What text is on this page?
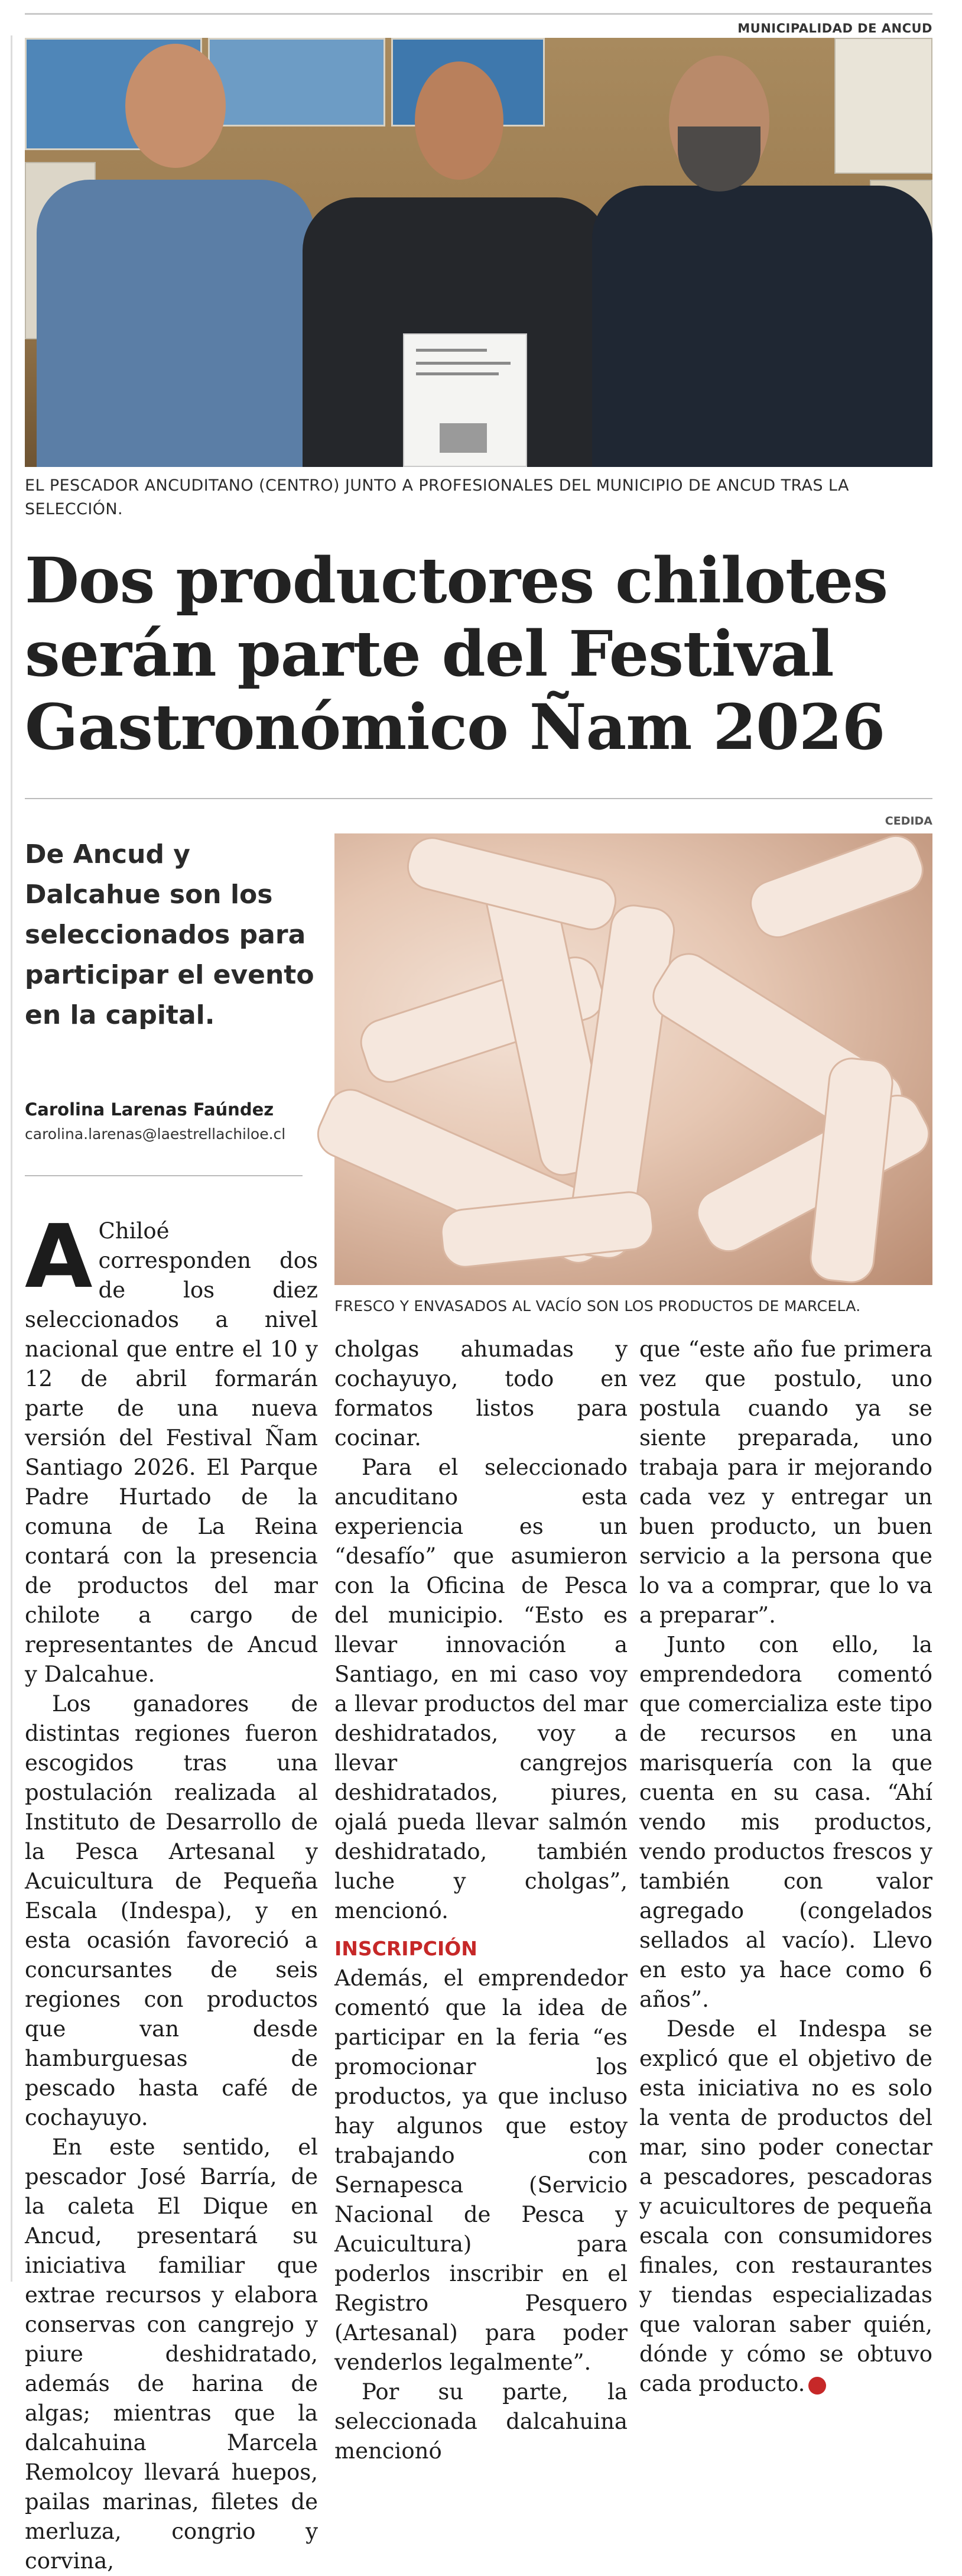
MUNICIPALIDAD DE ANCUD
EL PESCADOR ANCUDITANO (CENTRO) JUNTO A PROFESIONALES DEL MUNICIPIO DE ANCUD TRAS LA SELECCIÓN.
Dos productores chilotes serán parte del Festival Gastronómico Ñam 2026
De Ancud y Dalcahue son los seleccionados para participar el evento en la capital.
Carolina Larenas Faúndez
carolina.larenas@laestrellachiloe.cl
CEDIDA
FRESCO Y ENVASADOS AL VACÍO SON LOS PRODUCTOS DE MARCELA.

A Chiloé corresponden dos de los diez seleccionados a nivel nacional que entre el 10 y 12 de abril formarán parte de una nueva versión del Festival Ñam Santiago 2026. El Parque Padre Hurtado de la comuna de La Reina contará con la presencia de productos del mar chilote a cargo de representantes de Ancud y Dalcahue.

Los ganadores de distintas regiones fueron escogidos tras una postulación realizada al Instituto de Desarrollo de la Pesca Artesanal y Acuicultura de Pequeña Escala (Indespa), y en esta ocasión favoreció a concursantes de seis regiones con productos que van desde hamburguesas de pescado hasta café de cochayuyo.

En este sentido, el pescador José Barría, de la caleta El Dique en Ancud, presentará su iniciativa familiar que extrae recursos y elabora conservas con cangrejo y piure deshidratado, además de harina de algas; mientras que la dalcahuina Marcela Remolcoy llevará huepos, pailas marinas, filetes de merluza, congrio y corvina,

cholgas ahumadas y cochayuyo, todo en formatos listos para cocinar.

Para el seleccionado ancuditano esta experiencia es un “desafío” que asumieron con la Oficina de Pesca del municipio. “Esto es llevar innovación a Santiago, en mi caso voy a llevar productos del mar deshidratados, voy a llevar cangrejos deshidratados, piures, ojalá pueda llevar salmón deshidratado, también luche y cholgas”, mencionó.

INSCRIPCIÓN

Además, el emprendedor comentó que la idea de participar en la feria “es promocionar los productos, ya que incluso hay algunos que estoy trabajando con Sernapesca (Servicio Nacional de Pesca y Acuicultura) para poderlos inscribir en el Registro Pesquero (Artesanal) para poder venderlos legalmente”.

Por su parte, la seleccionada dalcahuina mencionó

que “este año fue primera vez que postulo, uno postula cuando ya se siente preparada, uno trabaja para ir mejorando cada vez y entregar un buen producto, un buen servicio a la persona que lo va a comprar, que lo va a preparar”.

Junto con ello, la emprendedora comentó que comercializa este tipo de recursos en una marisquería con la que cuenta en su casa. “Ahí vendo mis productos, vendo productos frescos y también con valor agregado (congelados sellados al vacío). Llevo en esto ya hace como 6 años”.

Desde el Indespa se explicó que el objetivo de esta iniciativa no es solo la venta de productos del mar, sino poder conectar a pescadores, pescadoras y acuicultores de pequeña escala con consumidores finales, con restaurantes y tiendas especializadas que valoran saber quién, dónde y cómo se obtuvo cada producto. ✪
